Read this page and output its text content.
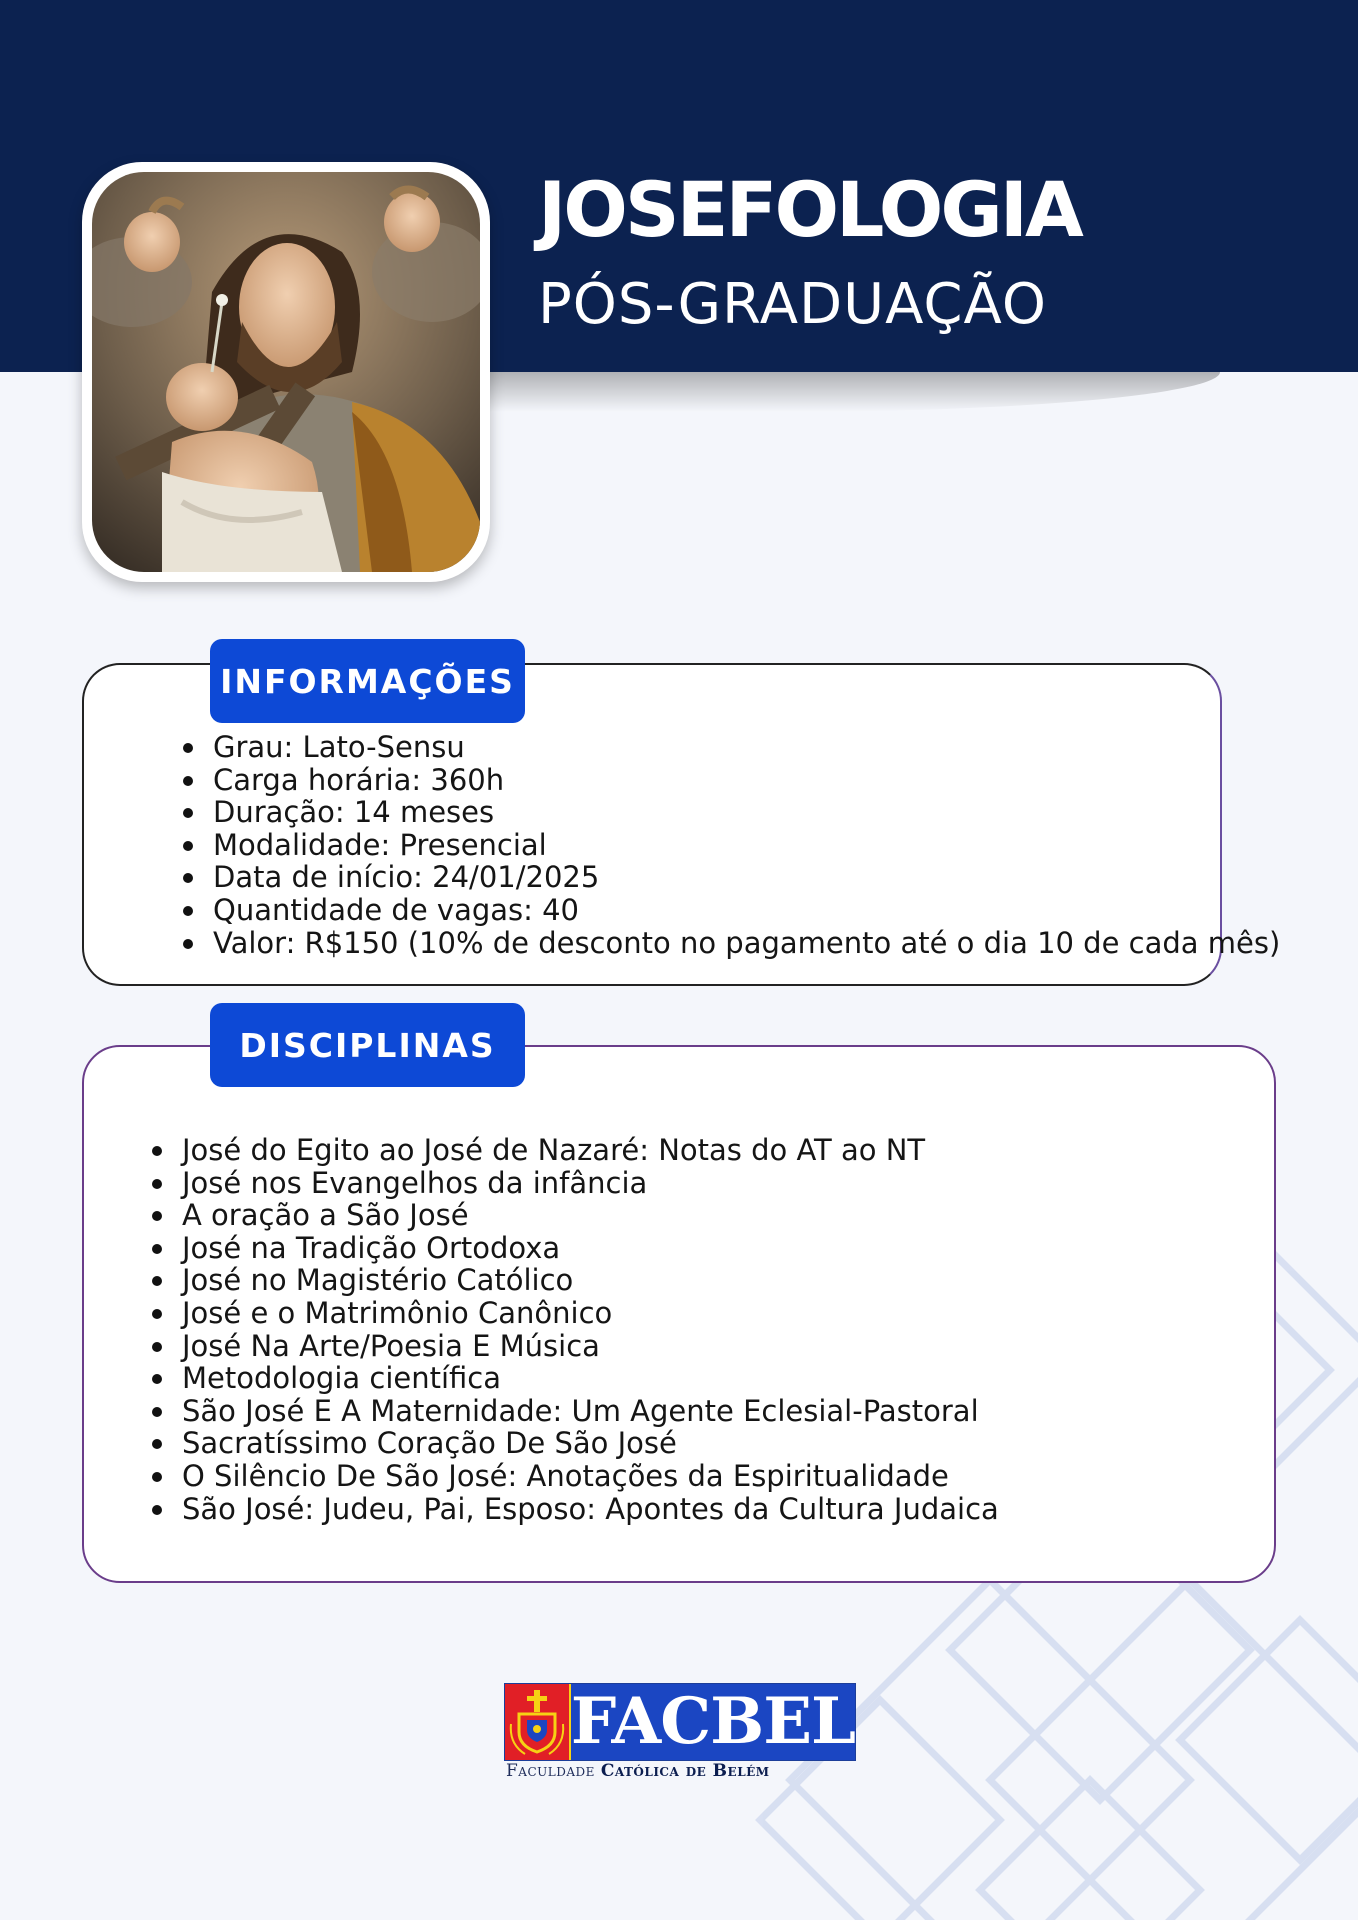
JOSEFOLOGIA
PÓS-GRADUAÇÃO
INFORMAÇÕES
Grau: Lato-Sensu
Carga horária: 360h
Duração: 14 meses
Modalidade: Presencial
Data de início: 24/01/2025
Quantidade de vagas: 40
Valor: R$150 (10% de desconto no pagamento até o dia 10 de cada mês)
DISCIPLINAS
José do Egito ao José de Nazaré: Notas do AT ao NT
José nos Evangelhos da infância
A oração a São José
José na Tradição Ortodoxa
José no Magistério Católico
José e o Matrimônio Canônico
José Na Arte/Poesia E Música
Metodologia científica
São José E A Maternidade: Um Agente Eclesial-Pastoral
Sacratíssimo Coração De São José
O Silêncio De São José: Anotações da Espiritualidade
São José: Judeu, Pai, Esposo: Apontes da Cultura Judaica
FACBEL
Faculdade Católica de Belém
